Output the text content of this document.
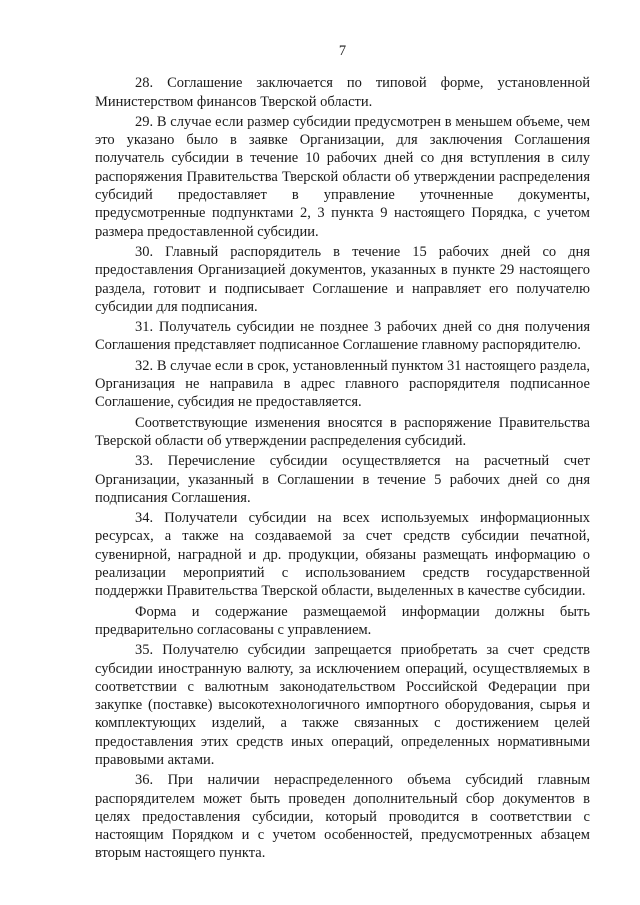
7

28. Соглашение заключается по типовой форме, установленной Министерством финансов Тверской области.

29. В случае если размер субсидии предусмотрен в меньшем объеме, чем это указано было в заявке Организации, для заключения Соглашения получатель субсидии в течение 10 рабочих дней со дня вступления в силу распоряжения Правительства Тверской области об утверждении распределения субсидий предоставляет в управление уточненные документы, предусмотренные подпунктами 2, 3 пункта 9 настоящего Порядка, с учетом размера предоставленной субсидии.

30. Главный распорядитель в течение 15 рабочих дней со дня предоставления Организацией документов, указанных в пункте 29 настоящего раздела, готовит и подписывает Соглашение и направляет его получателю субсидии для подписания.

31. Получатель субсидии не позднее 3 рабочих дней со дня получения Соглашения представляет подписанное Соглашение главному распорядителю.

32. В случае если в срок, установленный пунктом 31 настоящего раздела, Организация не направила в адрес главного распорядителя подписанное Соглашение, субсидия не предоставляется.

Соответствующие изменения вносятся в распоряжение Правительства Тверской области об утверждении распределения субсидий.

33. Перечисление субсидии осуществляется на расчетный счет Организации, указанный в Соглашении в течение 5 рабочих дней со дня подписания Соглашения.

34. Получатели субсидии на всех используемых информационных ресурсах, а также на создаваемой за счет средств субсидии печатной, сувенирной, наградной и др. продукции, обязаны размещать информацию о реализации мероприятий с использованием средств государственной поддержки Правительства Тверской области, выделенных в качестве субсидии.

Форма и содержание размещаемой информации должны быть предварительно согласованы с управлением.

35. Получателю субсидии запрещается приобретать за счет средств субсидии иностранную валюту, за исключением операций, осуществляемых в соответствии с валютным законодательством Российской Федерации при закупке (поставке) высокотехнологичного импортного оборудования, сырья и комплектующих изделий, а также связанных с достижением целей предоставления этих средств иных операций, определенных нормативными правовыми актами.

36. При наличии нераспределенного объема субсидий главным распорядителем может быть проведен дополнительный сбор документов в целях предоставления субсидии, который проводится в соответствии с настоящим Порядком и с учетом особенностей, предусмотренных абзацем вторым настоящего пункта.
